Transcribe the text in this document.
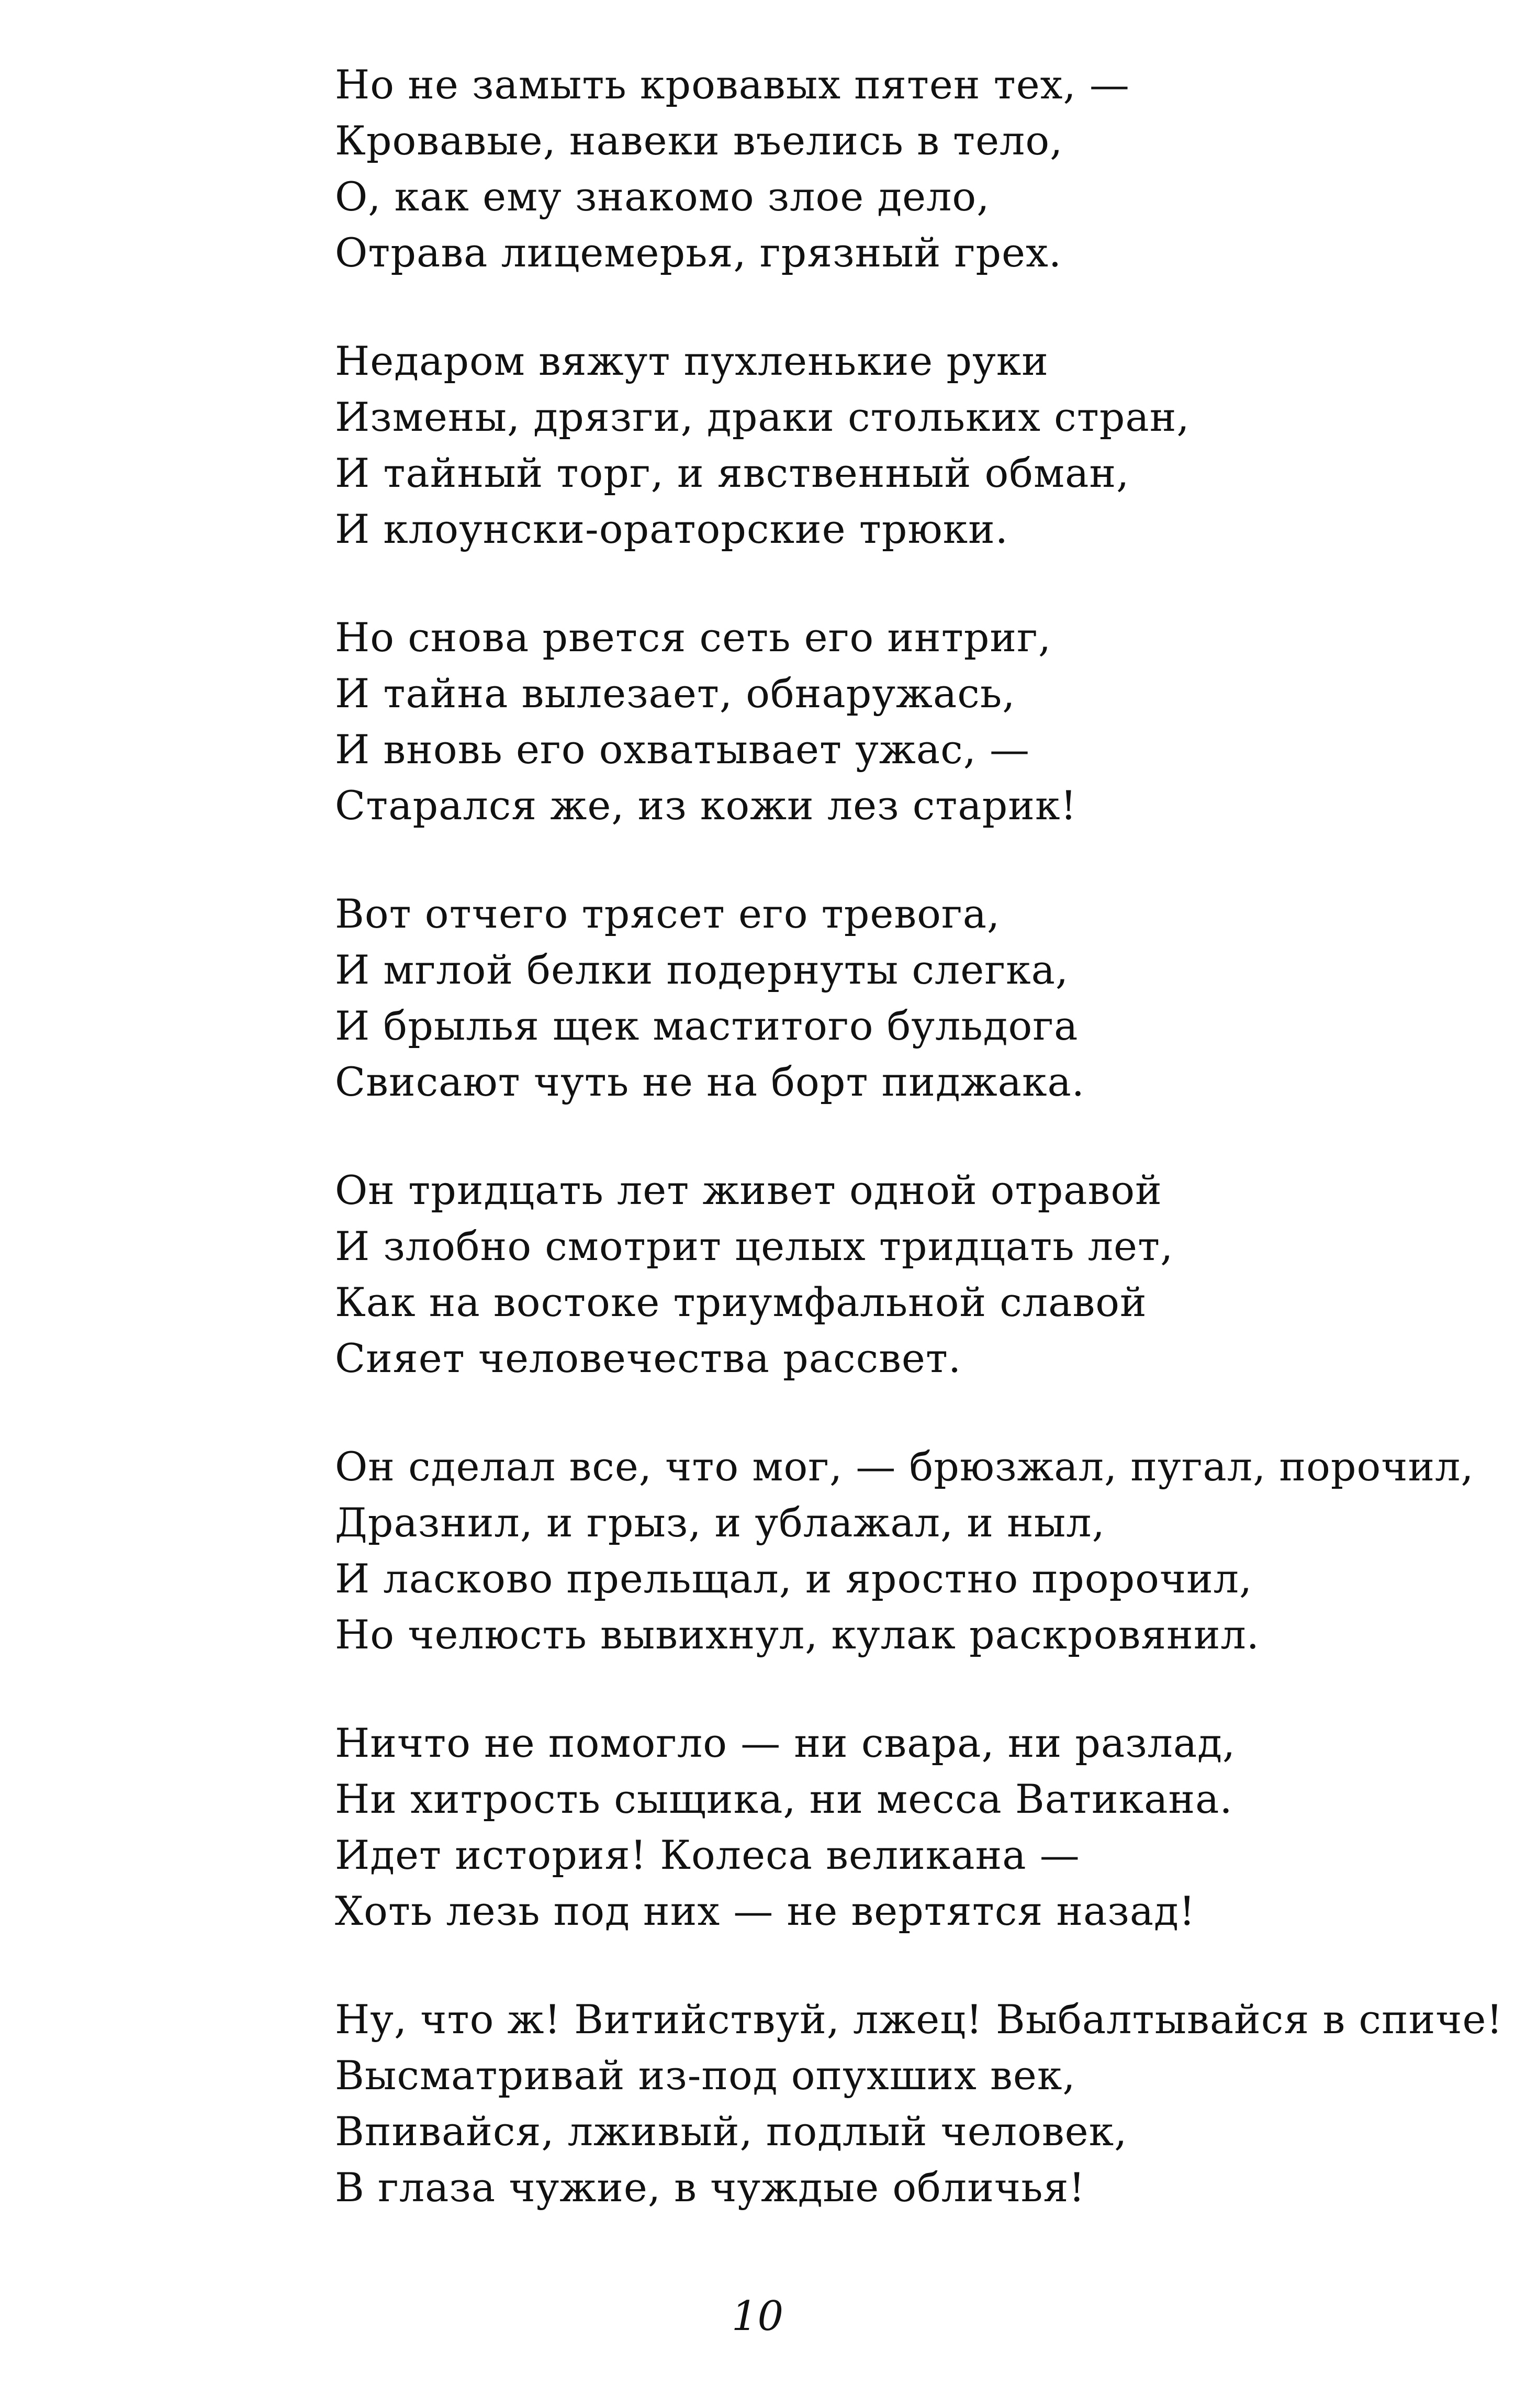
Но не замыть кровавых пятен тех, —
Кровавые, навеки въелись в тело,
О, как ему знакомо злое дело,
Отрава лицемерья, грязный грех.
Недаром вяжут пухленькие руки
Измены, дрязги, драки стольких стран,
И тайный торг, и явственный обман,
И клоунски-ораторские трюки.
Но снова рвется сеть его интриг,
И тайна вылезает, обнаружась,
И вновь его охватывает ужас, —
Старался же, из кожи лез старик!
Вот отчего трясет его тревога,
И мглой белки подернуты слегка,
И брылья щек маститого бульдога
Свисают чуть не на борт пиджака.
Он тридцать лет живет одной отравой
И злобно смотрит целых тридцать лет,
Как на востоке триумфальной славой
Сияет человечества рассвет.
Он сделал все, что мог, — брюзжал, пугал, порочил,
Дразнил, и грыз, и ублажал, и ныл,
И ласково прельщал, и яростно пророчил,
Но челюсть вывихнул, кулак раскровянил.
Ничто не помогло — ни свара, ни разлад,
Ни хитрость сыщика, ни месса Ватикана.
Идет история! Колеса великана —
Хоть лезь под них — не вертятся назад!
Ну, что ж! Витийствуй, лжец! Выбалтывайся в спиче!
Высматривай из-под опухших век,
Впивайся, лживый, подлый человек,
В глаза чужие, в чуждые обличья!
10
